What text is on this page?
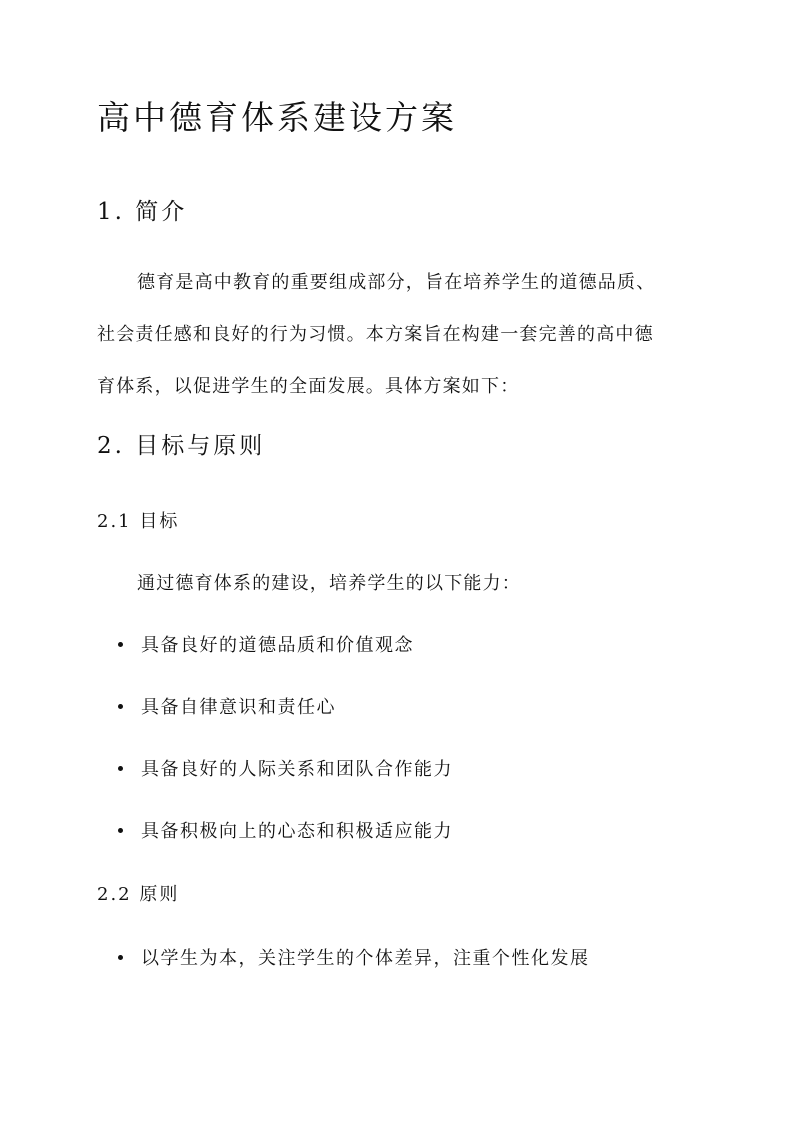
高中德育体系建设方案
1. 简介
德育是高中教育的重要组成部分，旨在培养学生的道德品质、
社会责任感和良好的行为习惯。本方案旨在构建一套完善的高中德
育体系，以促进学生的全面发展。具体方案如下：
2. 目标与原则
2.1 目标
通过德育体系的建设，培养学生的以下能力：
具备良好的道德品质和价值观念
具备自律意识和责任心
具备良好的人际关系和团队合作能力
具备积极向上的心态和积极适应能力
2.2 原则
以学生为本，关注学生的个体差异，注重个性化发展
